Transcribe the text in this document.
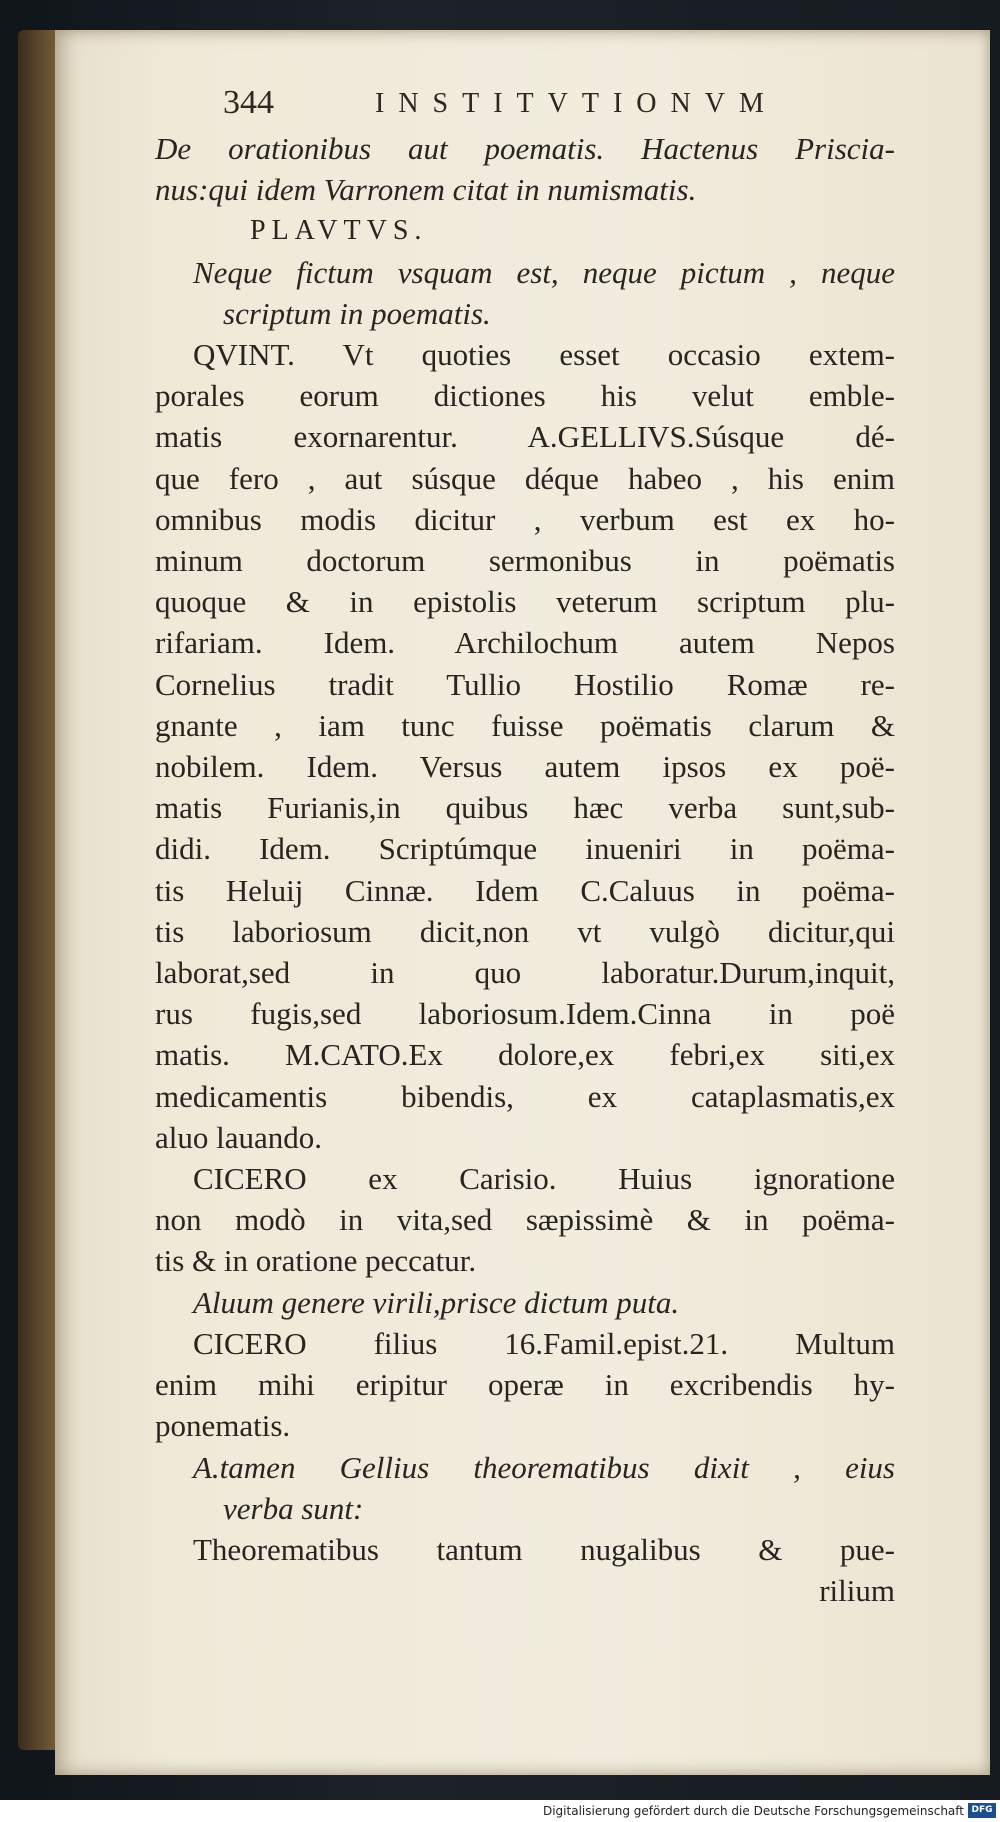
344	INSTITVTIONVM

De orationibus aut poematis. Hactenus Priscia-

nus:qui idem Varronem citat in numismatis.

PLAVTVS.

Neque fictum vsquam est, neque pictum , neque

scriptum in poematis.

QVINT. Vt quoties esset occasio extem-

porales eorum dictiones his velut emble-

matis exornarentur. A.GELLIVS.Súsque dé-

que fero , aut súsque déque habeo , his enim

omnibus modis dicitur , verbum est ex ho-

minum doctorum sermonibus in poëmatis

quoque & in epistolis veterum scriptum plu-

rifariam. Idem. Archilochum autem Nepos

Cornelius tradit Tullio Hostilio Romæ re-

gnante , iam tunc fuisse poëmatis clarum &

nobilem. Idem. Versus autem ipsos ex poë-

matis Furianis,in quibus hæc verba sunt,sub-

didi. Idem. Scriptúmque inueniri in poëma-

tis Heluij Cinnæ. Idem C.Caluus in poëma-

tis laboriosum dicit,non vt vulgò dicitur,qui

laborat,sed in quo laboratur.Durum,inquit,

rus fugis,sed laboriosum.Idem.Cinna in poë

matis. M.CATO.Ex dolore,ex febri,ex siti,ex

medicamentis bibendis, ex cataplasmatis,ex

aluo lauando.

CICERO ex Carisio. Huius ignoratione

non modò in vita,sed sæpissimè & in poëma-

tis & in oratione peccatur.

Aluum genere virili,prisce dictum puta.

CICERO filius 16.Famil.epist.21. Multum

enim mihi eripitur operæ in excribendis hy-

ponematis.

A.tamen Gellius theorematibus dixit , eius

verba sunt:

Theorematibus tantum nugalibus & pue-

rilium

Digitalisierung gefördert durch die Deutsche Forschungsgemeinschaft DFG
